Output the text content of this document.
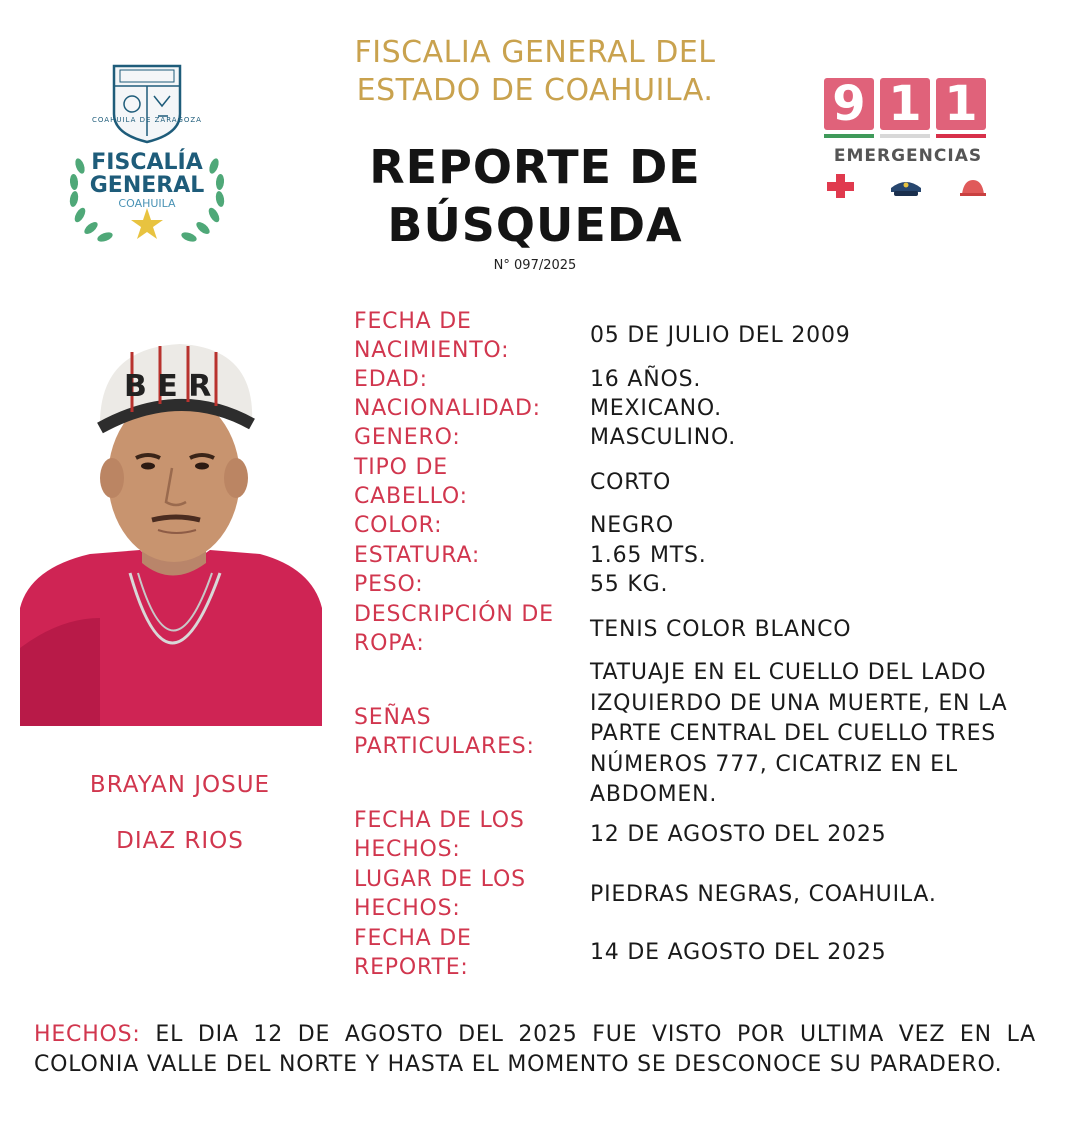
FISCALIA GENERAL DEL
ESTADO DE COAHUILA.
REPORTE DE
BÚSQUEDA
N° 097/2025
COAHUILA DE ZARAGOZA
FISCALÍA
GENERAL
COAHUILA
9 1 1
EMERGENCIAS
B E R
BRAYAN JOSUE
DIAZ RIOS
FECHA DE
NACIMIENTO:
05 DE JULIO DEL 2009
EDAD:	16 AÑOS.
NACIONALIDAD:	MEXICANO.
GENERO:	MASCULINO.
TIPO DE
CABELLO:
CORTO
COLOR:	NEGRO
ESTATURA:	1.65 MTS.
PESO:	55 KG.
DESCRIPCIÓN DE
ROPA:
TENIS COLOR BLANCO
SEÑAS
PARTICULARES:
TATUAJE EN EL CUELLO DEL LADO
IZQUIERDO DE UNA MUERTE, EN LA
PARTE CENTRAL DEL CUELLO TRES
NÚMEROS 777, CICATRIZ EN EL
ABDOMEN.
FECHA DE LOS
HECHOS:
12 DE AGOSTO DEL 2025
LUGAR DE LOS
HECHOS:
PIEDRAS NEGRAS, COAHUILA.
FECHA DE
REPORTE:
14 DE AGOSTO DEL 2025
HECHOS: EL DIA 12 DE AGOSTO DEL 2025 FUE VISTO POR ULTIMA VEZ EN LA COLONIA VALLE DEL NORTE Y HASTA EL MOMENTO SE DESCONOCE SU PARADERO.
